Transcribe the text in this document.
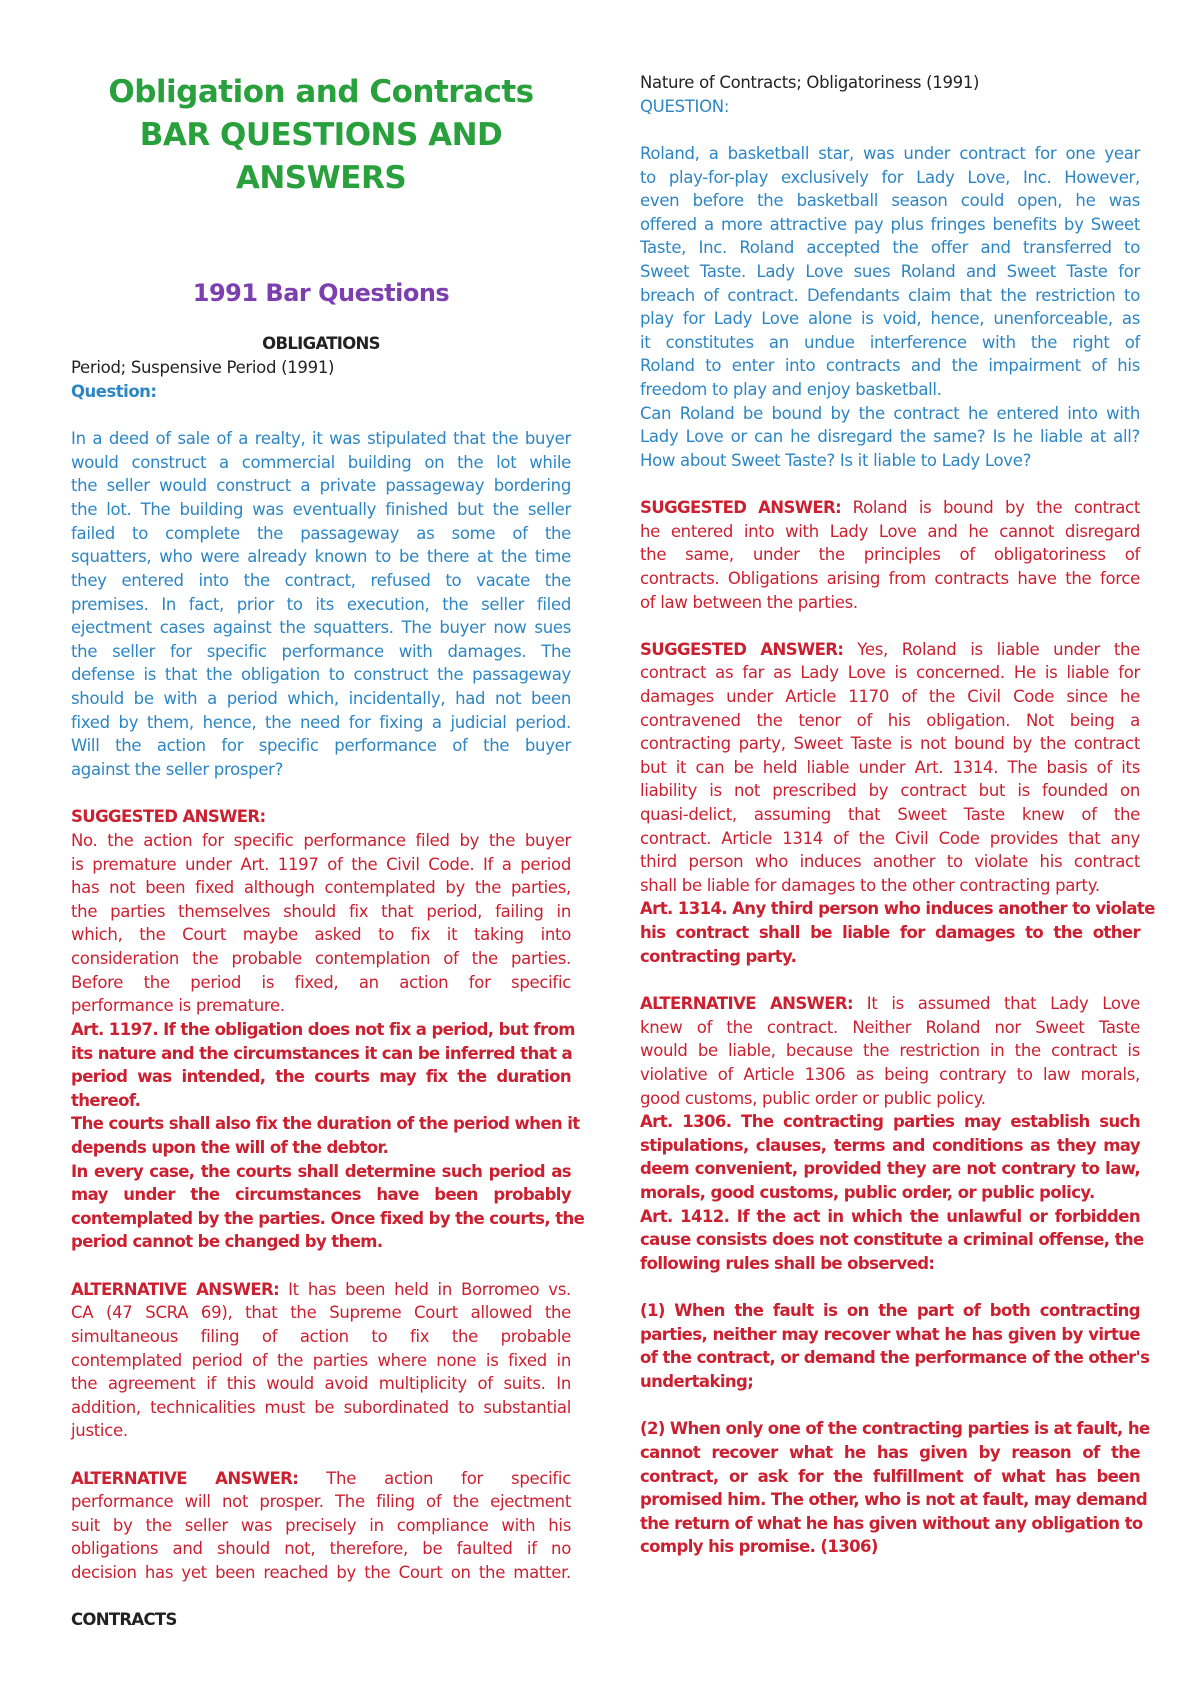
Obligation and Contracts

BAR QUESTIONS AND

ANSWERS

1991 Bar Questions

OBLIGATIONS

Period; Suspensive Period (1991)

Question:

In a deed of sale of a realty, it was stipulated that the buyer

would construct a commercial building on the lot while

the seller would construct a private passageway bordering

the lot. The building was eventually finished but the seller

failed to complete the passageway as some of the

squatters, who were already known to be there at the time

they entered into the contract, refused to vacate the

premises. In fact, prior to its execution, the seller filed

ejectment cases against the squatters. The buyer now sues

the seller for specific performance with damages. The

defense is that the obligation to construct the passageway

should be with a period which, incidentally, had not been

fixed by them, hence, the need for fixing a judicial period.

Will the action for specific performance of the buyer

against the seller prosper?

SUGGESTED ANSWER:

No. the action for specific performance filed by the buyer

is premature under Art. 1197 of the Civil Code. If a period

has not been fixed although contemplated by the parties,

the parties themselves should fix that period, failing in

which, the Court maybe asked to fix it taking into

consideration the probable contemplation of the parties.

Before the period is fixed, an action for specific

performance is premature.

Art. 1197. If the obligation does not fix a period, but from

its nature and the circumstances it can be inferred that a

period was intended, the courts may fix the duration

thereof.

The courts shall also fix the duration of the period when it

depends upon the will of the debtor.

In every case, the courts shall determine such period as

may under the circumstances have been probably

contemplated by the parties. Once fixed by the courts, the

period cannot be changed by them.

ALTERNATIVE ANSWER: It has been held in Borromeo vs.

CA (47 SCRA 69), that the Supreme Court allowed the

simultaneous filing of action to fix the probable

contemplated period of the parties where none is fixed in

the agreement if this would avoid multiplicity of suits. In

addition, technicalities must be subordinated to substantial

justice.

ALTERNATIVE ANSWER: The action for specific

performance will not prosper. The filing of the ejectment

suit by the seller was precisely in compliance with his

obligations and should not, therefore, be faulted if no

decision has yet been reached by the Court on the matter.

CONTRACTS

Nature of Contracts; Obligatoriness (1991)

QUESTION:

Roland, a basketball star, was under contract for one year

to play-for-play exclusively for Lady Love, Inc. However,

even before the basketball season could open, he was

offered a more attractive pay plus fringes benefits by Sweet

Taste, Inc. Roland accepted the offer and transferred to

Sweet Taste. Lady Love sues Roland and Sweet Taste for

breach of contract. Defendants claim that the restriction to

play for Lady Love alone is void, hence, unenforceable, as

it constitutes an undue interference with the right of

Roland to enter into contracts and the impairment of his

freedom to play and enjoy basketball.

Can Roland be bound by the contract he entered into with

Lady Love or can he disregard the same? Is he liable at all?

How about Sweet Taste? Is it liable to Lady Love?

SUGGESTED ANSWER: Roland is bound by the contract

he entered into with Lady Love and he cannot disregard

the same, under the principles of obligatoriness of

contracts. Obligations arising from contracts have the force

of law between the parties.

SUGGESTED ANSWER: Yes, Roland is liable under the

contract as far as Lady Love is concerned. He is liable for

damages under Article 1170 of the Civil Code since he

contravened the tenor of his obligation. Not being a

contracting party, Sweet Taste is not bound by the contract

but it can be held liable under Art. 1314. The basis of its

liability is not prescribed by contract but is founded on

quasi-delict, assuming that Sweet Taste knew of the

contract. Article 1314 of the Civil Code provides that any

third person who induces another to violate his contract

shall be liable for damages to the other contracting party.

Art. 1314. Any third person who induces another to violate

his contract shall be liable for damages to the other

contracting party.

ALTERNATIVE ANSWER: It is assumed that Lady Love

knew of the contract. Neither Roland nor Sweet Taste

would be liable, because the restriction in the contract is

violative of Article 1306 as being contrary to law morals,

good customs, public order or public policy.

Art. 1306. The contracting parties may establish such

stipulations, clauses, terms and conditions as they may

deem convenient, provided they are not contrary to law,

morals, good customs, public order, or public policy.

Art. 1412. If the act in which the unlawful or forbidden

cause consists does not constitute a criminal offense, the

following rules shall be observed:

(1) When the fault is on the part of both contracting

parties, neither may recover what he has given by virtue

of the contract, or demand the performance of the other's

undertaking;

(2) When only one of the contracting parties is at fault, he

cannot recover what he has given by reason of the

contract, or ask for the fulfillment of what has been

promised him. The other, who is not at fault, may demand

the return of what he has given without any obligation to

comply his promise. (1306)
